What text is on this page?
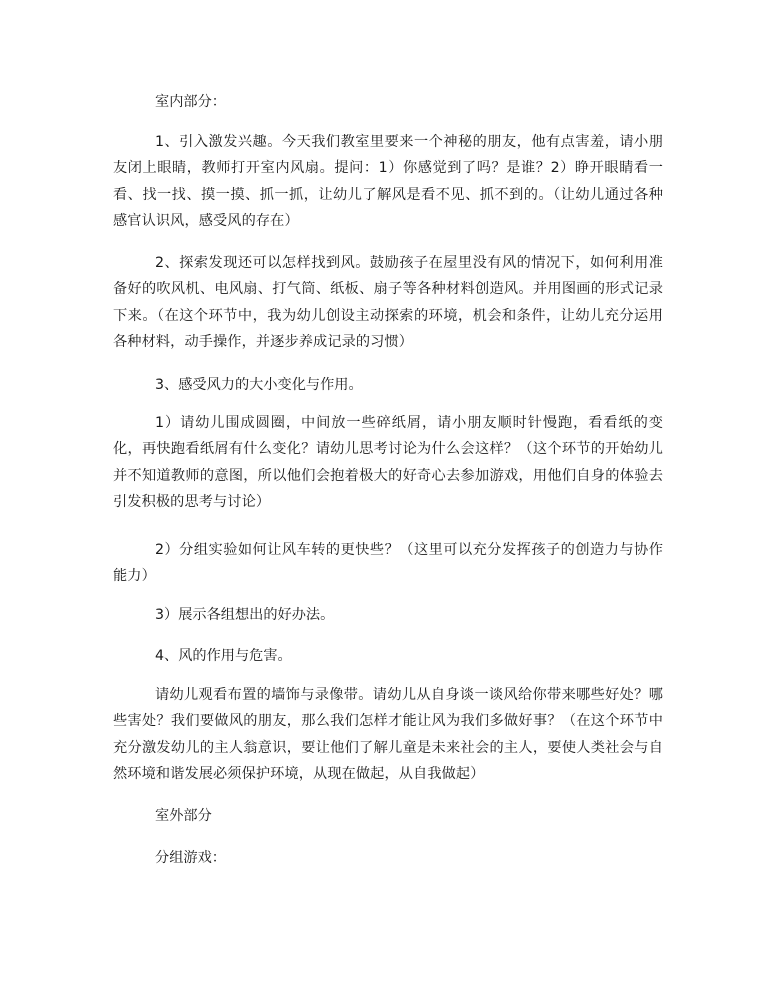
室内部分：

1、引入激发兴趣。今天我们教室里要来一个神秘的朋友，他有点害羞，请小朋友闭上眼睛，教师打开室内风扇。提问：1）你感觉到了吗？是谁？2）睁开眼睛看一看、找一找、摸一摸、抓一抓，让幼儿了解风是看不见、抓不到的。（让幼儿通过各种感官认识风，感受风的存在）

2、探索发现还可以怎样找到风。鼓励孩子在屋里没有风的情况下，如何利用准备好的吹风机、电风扇、打气筒、纸板、扇子等各种材料创造风。并用图画的形式记录下来。（在这个环节中，我为幼儿创设主动探索的环境，机会和条件，让幼儿充分运用各种材料，动手操作，并逐步养成记录的习惯）

3、感受风力的大小变化与作用。

1）请幼儿围成圆圈，中间放一些碎纸屑，请小朋友顺时针慢跑，看看纸的变化，再快跑看纸屑有什么变化？请幼儿思考讨论为什么会这样？（这个环节的开始幼儿并不知道教师的意图，所以他们会抱着极大的好奇心去参加游戏，用他们自身的体验去引发积极的思考与讨论）

2）分组实验如何让风车转的更快些？（这里可以充分发挥孩子的创造力与协作能力）

3）展示各组想出的好办法。

4、风的作用与危害。

请幼儿观看布置的墙饰与录像带。请幼儿从自身谈一谈风给你带来哪些好处？哪些害处？我们要做风的朋友，那么我们怎样才能让风为我们多做好事？（在这个环节中充分激发幼儿的主人翁意识，要让他们了解儿童是未来社会的主人，要使人类社会与自然环境和谐发展必须保护环境，从现在做起，从自我做起）

室外部分

分组游戏：
